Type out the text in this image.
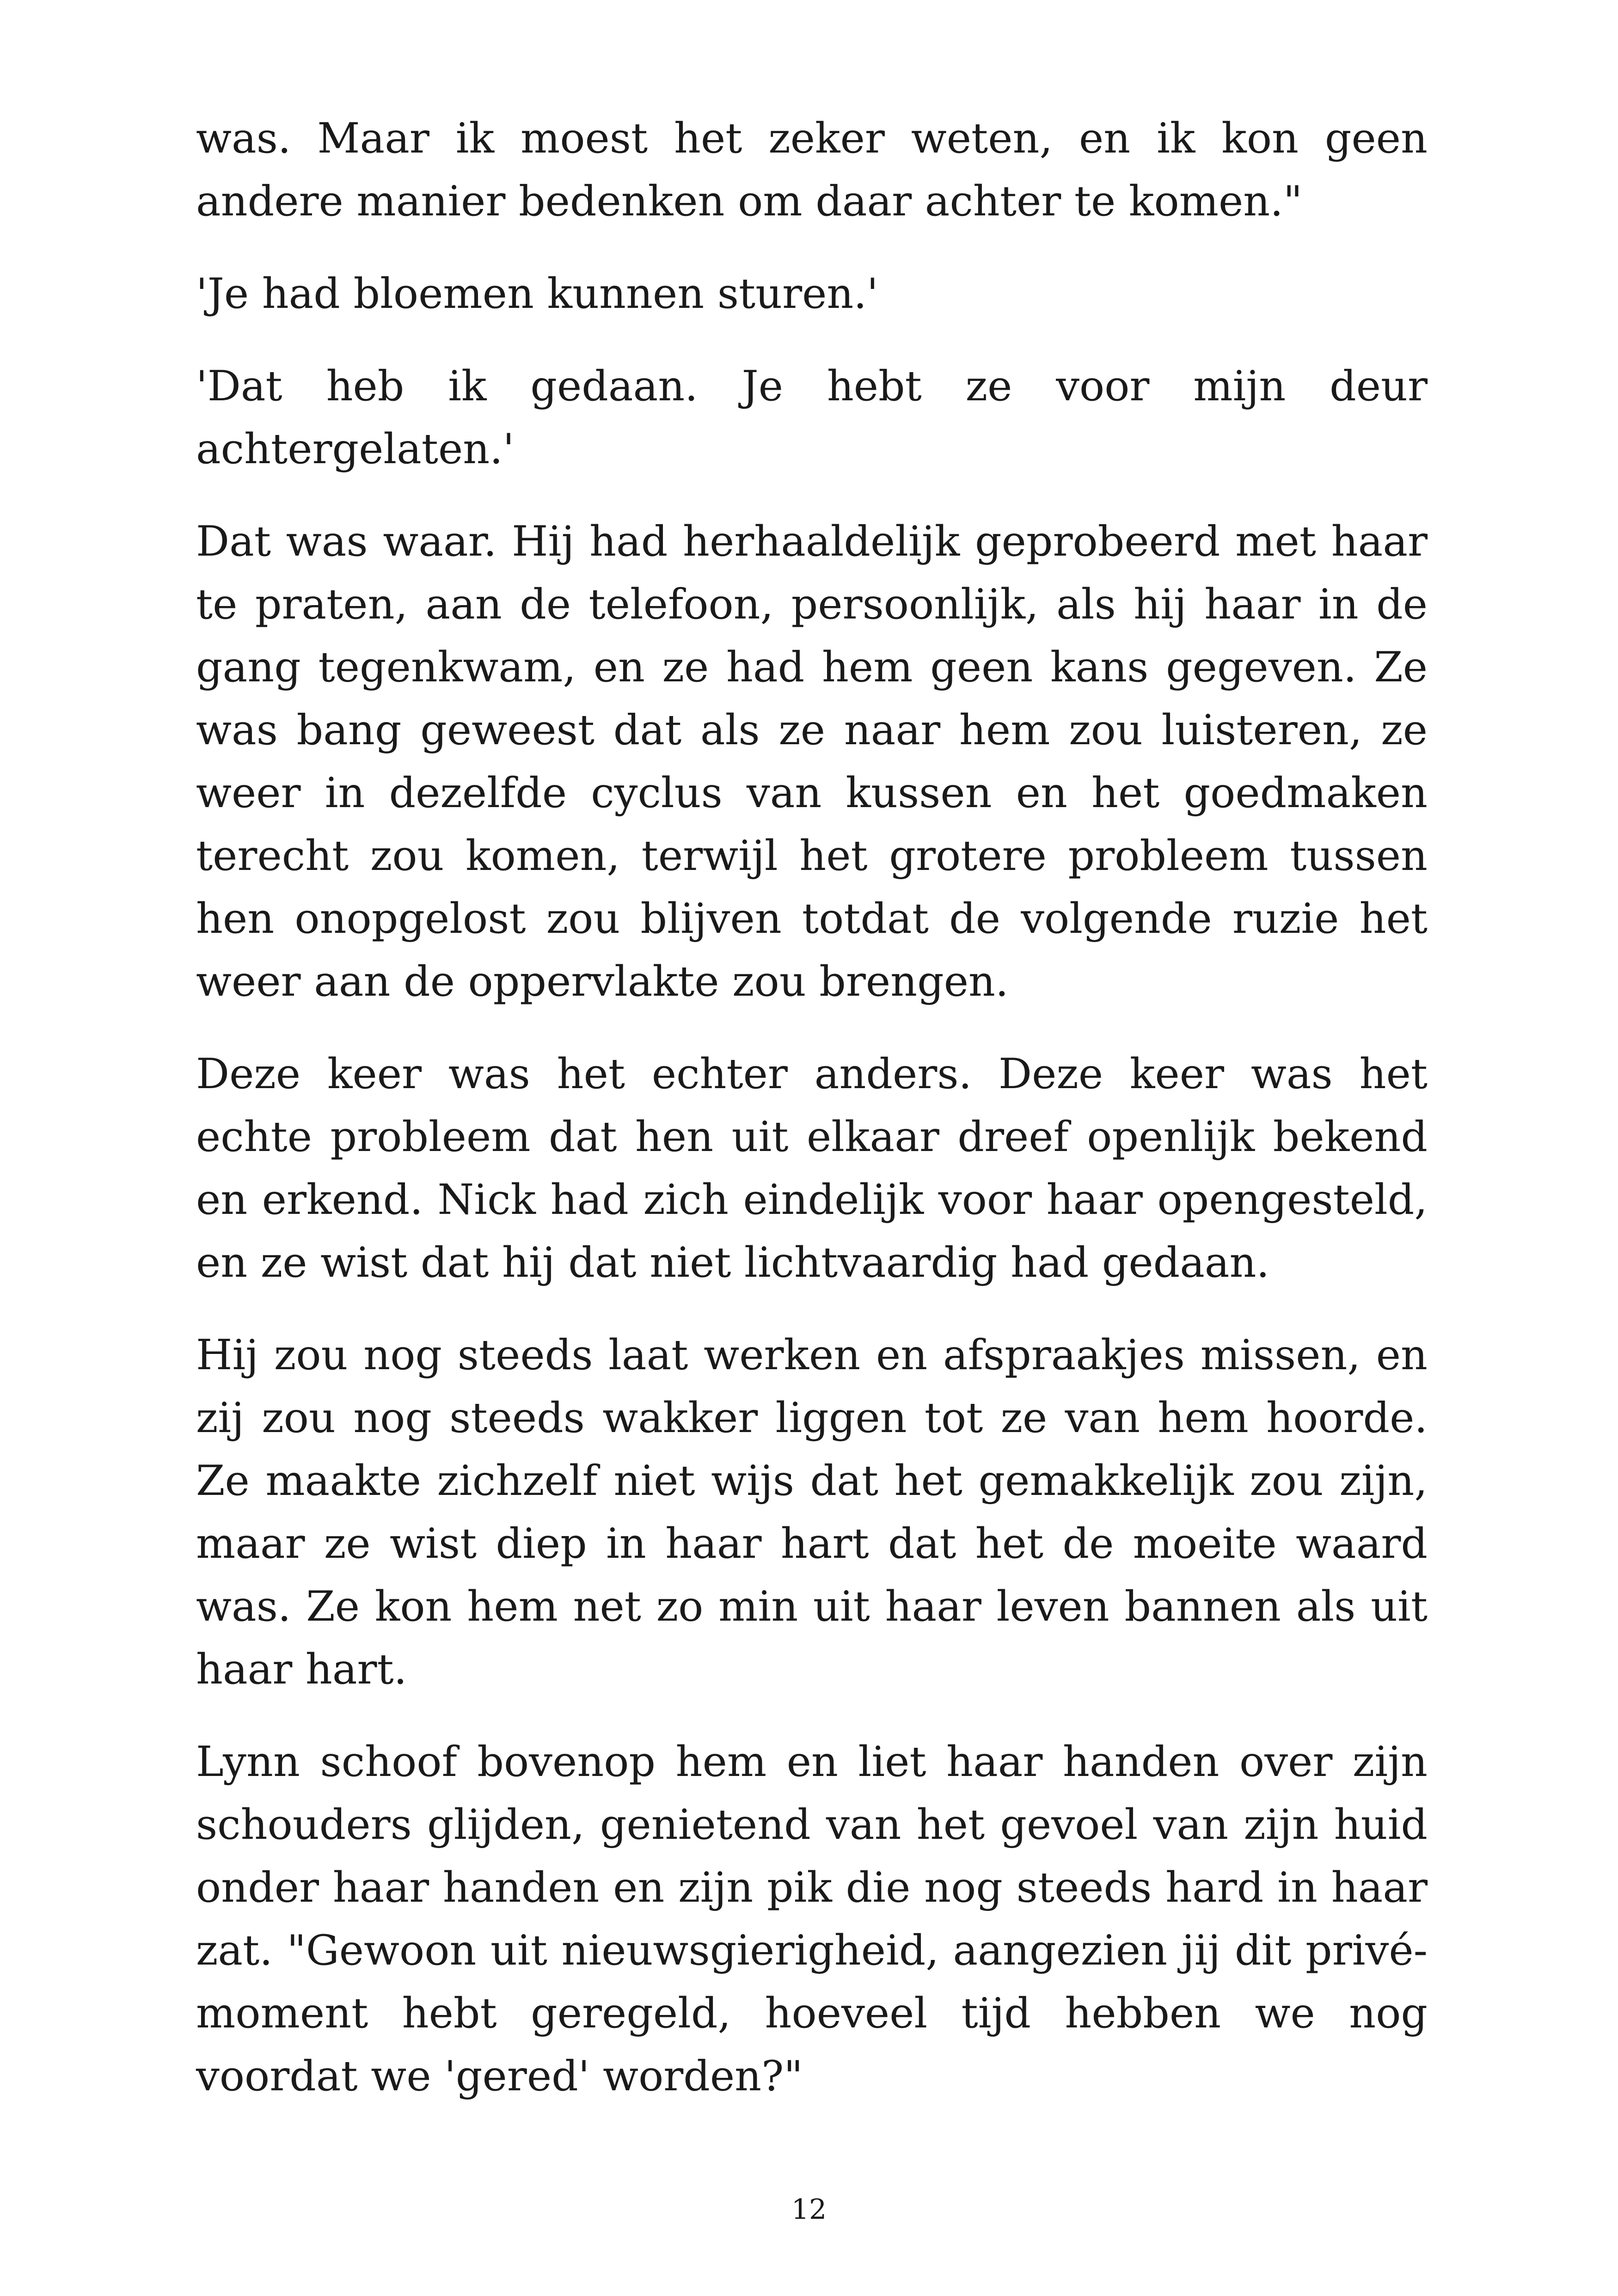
was. Maar ik moest het zeker weten, en ik kon geen andere manier bedenken om daar achter te komen."

'Je had bloemen kunnen sturen.'

'Dat heb ik gedaan. Je hebt ze voor mijn deur achtergelaten.'

Dat was waar. Hij had herhaaldelijk geprobeerd met haar te praten, aan de telefoon, persoonlijk, als hij haar in de gang tegenkwam, en ze had hem geen kans gegeven. Ze was bang geweest dat als ze naar hem zou luisteren, ze weer in dezelfde cyclus van kussen en het goedmaken terecht zou komen, terwijl het grotere probleem tussen hen onopgelost zou blijven totdat de volgende ruzie het weer aan de oppervlakte zou brengen.

Deze keer was het echter anders. Deze keer was het echte probleem dat hen uit elkaar dreef openlijk bekend en erkend. Nick had zich eindelijk voor haar opengesteld, en ze wist dat hij dat niet lichtvaardig had gedaan.

Hij zou nog steeds laat werken en afspraakjes missen, en zij zou nog steeds wakker liggen tot ze van hem hoorde. Ze maakte zichzelf niet wijs dat het gemakkelijk zou zijn, maar ze wist diep in haar hart dat het de moeite waard was. Ze kon hem net zo min uit haar leven bannen als uit haar hart.

Lynn schoof bovenop hem en liet haar handen over zijn schouders glijden, genietend van het gevoel van zijn huid onder haar handen en zijn pik die nog steeds hard in haar zat. "Gewoon uit nieuwsgierigheid, aangezien jij dit privé-moment hebt geregeld, hoeveel tijd hebben we nog voordat we 'gered' worden?"

12
